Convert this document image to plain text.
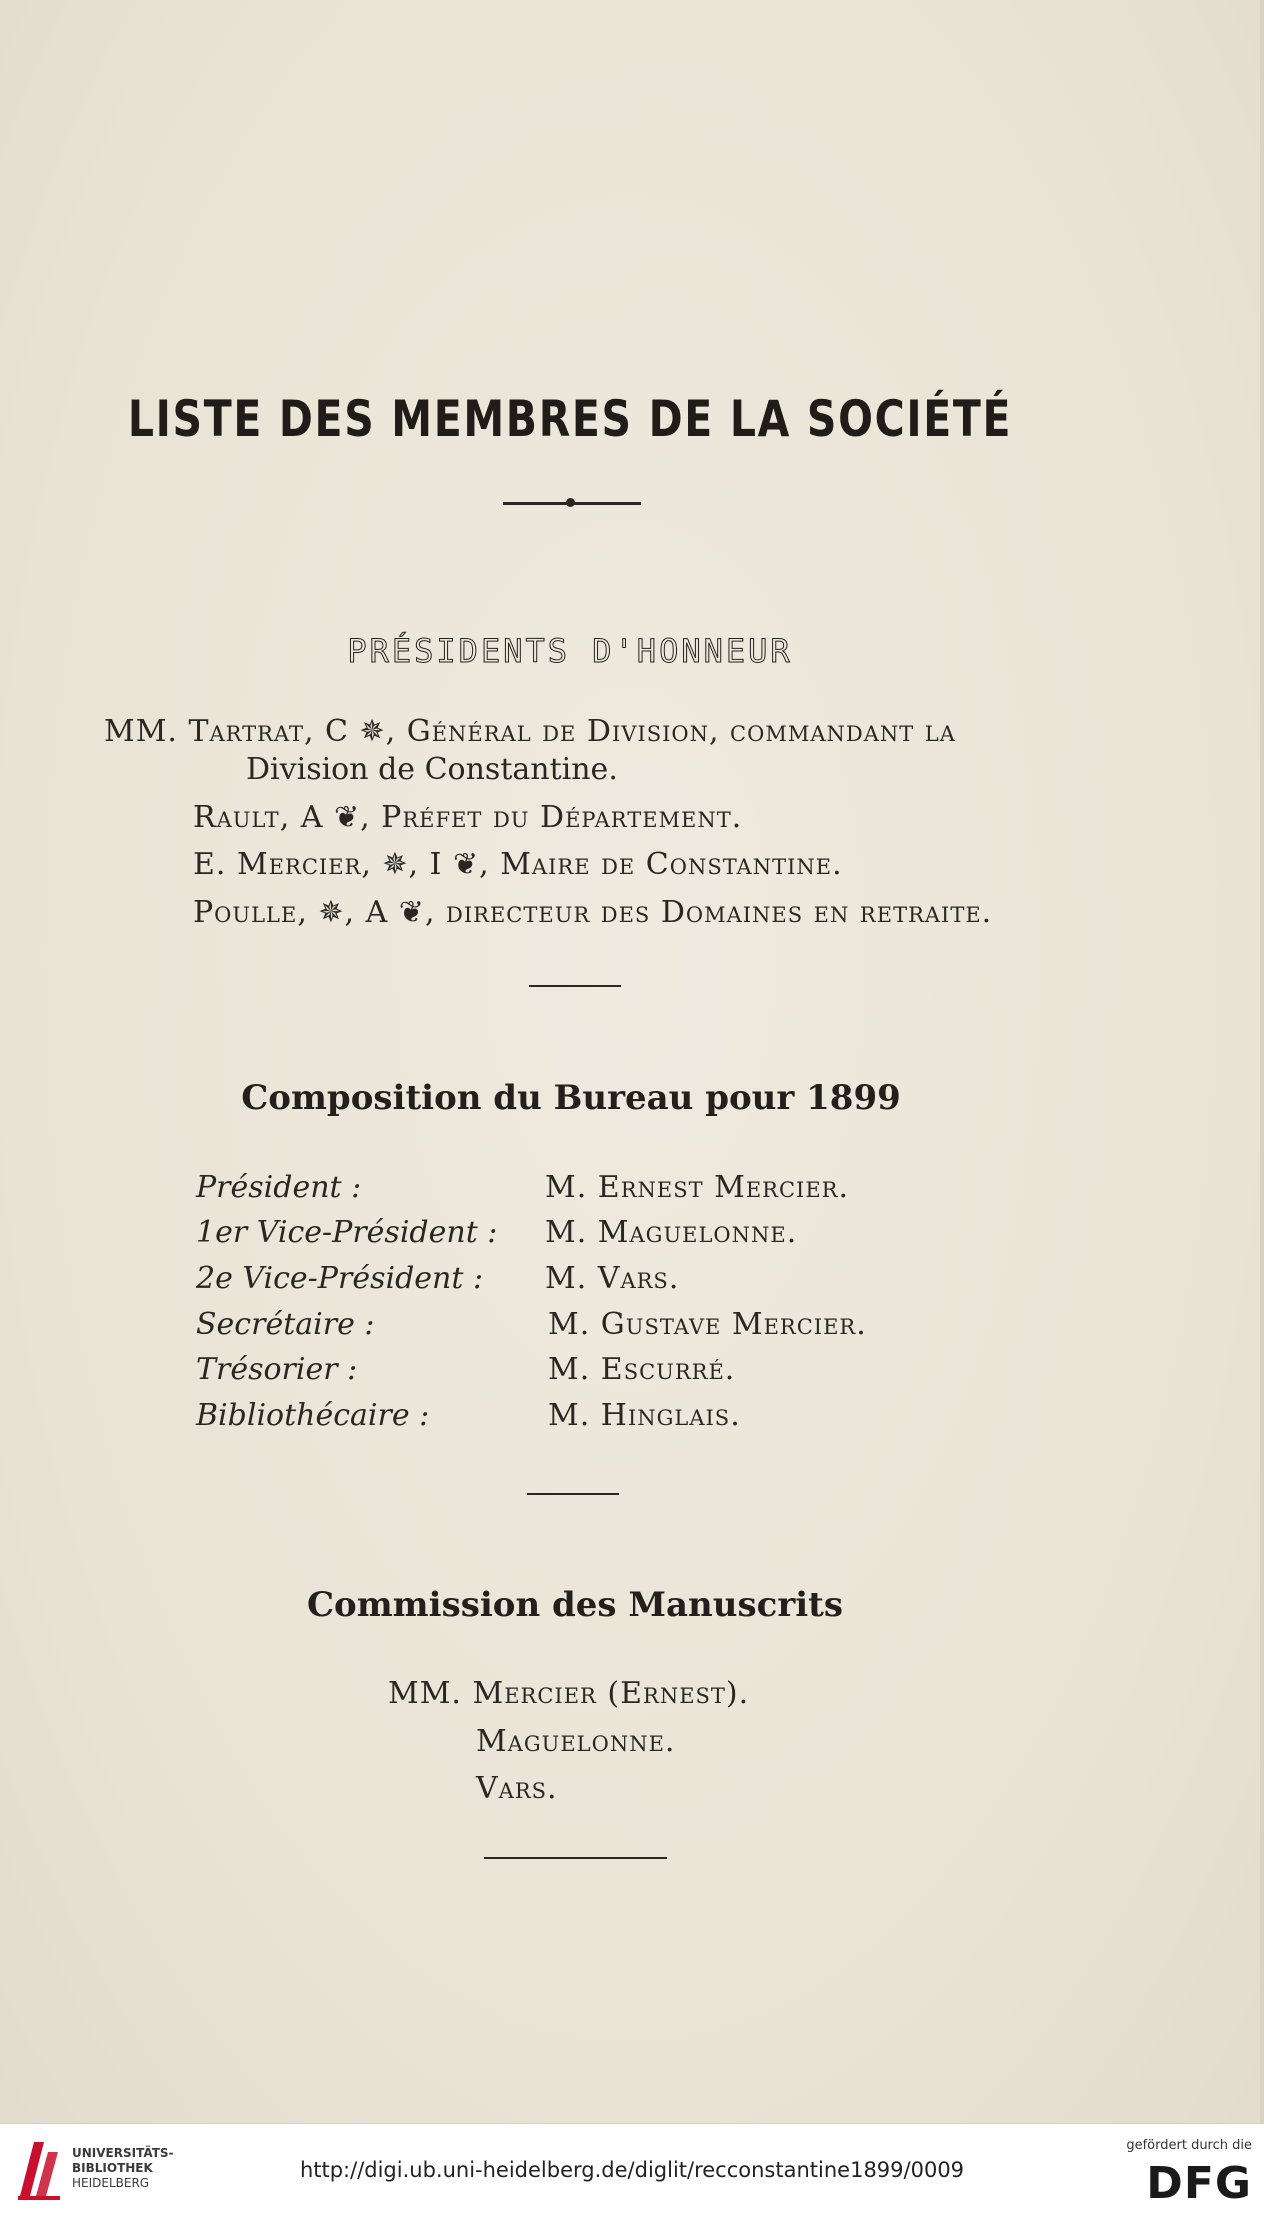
LISTE DES MEMBRES DE LA SOCIÉTÉ
PRÉSIDENTS D'HONNEUR
MM. Tartrat, C ✵, Général de Division, commandant la
Division de Constantine.
Rault, A ❦, Préfet du Département.
E. Mercier, ✵, I ❦, Maire de Constantine.
Poulle, ✵, A ❦, directeur des Domaines en retraite.
Composition du Bureau pour 1899
Président :	M. Ernest Mercier.
1er Vice-Président : M. Maguelonne.
2e Vice-Président : M. Vars.
Secrétaire :	M. Gustave Mercier.
Trésorier :	M. Escurré.
Bibliothécaire :	M. Hinglais.
Commission des Manuscrits
MM. Mercier (Ernest).
Maguelonne.
Vars.
UNIVERSITÄTS-
BIBLIOTHEK
HEIDELBERG
http://digi.ub.uni-heidelberg.de/diglit/recconstantine1899/0009
gefördert durch die
DFG
